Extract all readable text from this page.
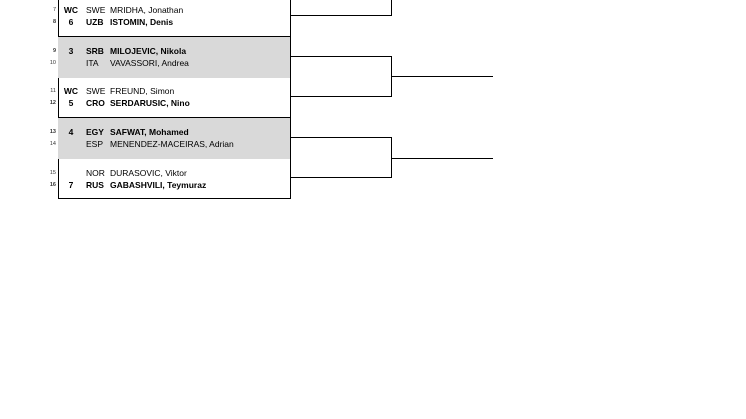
7 WC SWE MRIDHA, Jonathan
8	6	UZB ISTOMIN, Denis
9	3	SRB MILOJEVIC, Nikola
10	ITA VAVASSORI, Andrea
11 WC SWE FREUND, Simon
12	5	CRO SERDARUSIC, Nino
13	4	EGY SAFWAT, Mohamed
14	ESP MENENDEZ-MACEIRAS, Adrian
15	NOR DURASOVIC, Viktor
16	7	RUS GABASHVILI, Teymuraz
